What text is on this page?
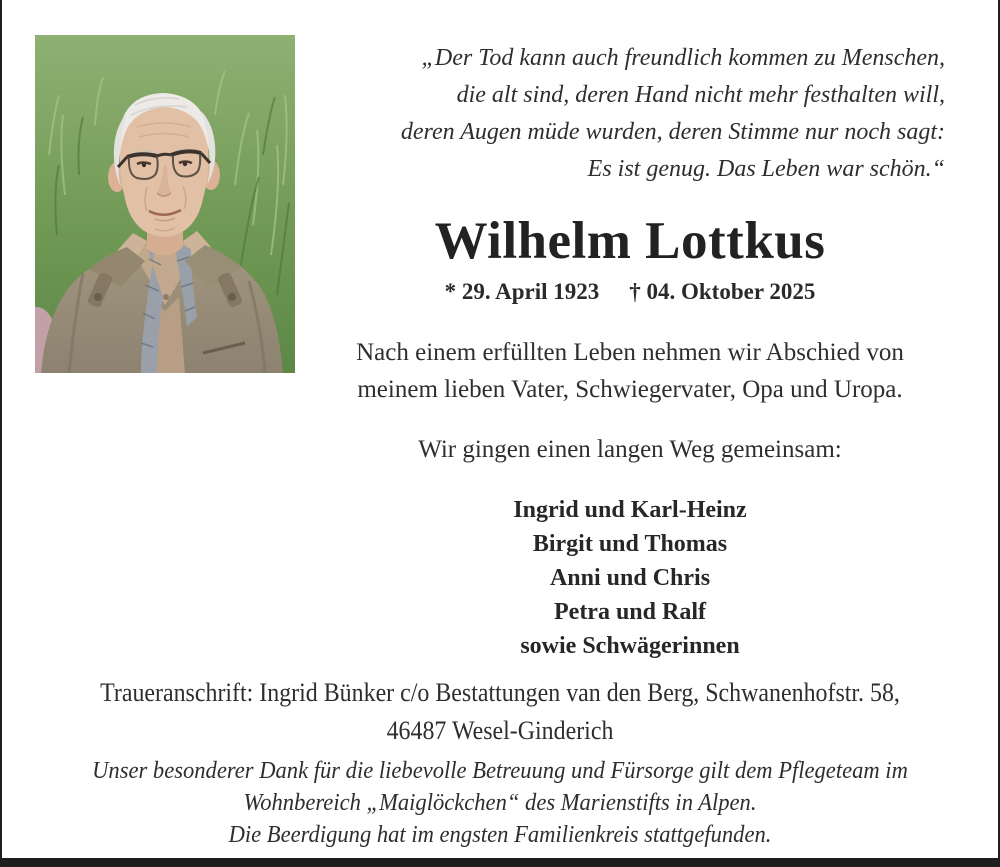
„Der Tod kann auch freundlich kommen zu Menschen,
die alt sind, deren Hand nicht mehr festhalten will,
deren Augen müde wurden, deren Stimme nur noch sagt:
Es ist genug. Das Leben war schön.“
Wilhelm Lottkus
* 29. April 1923 † 04. Oktober 2025
Nach einem erfüllten Leben nehmen wir Abschied von
meinem lieben Vater, Schwiegervater, Opa und Uropa.
Wir gingen einen langen Weg gemeinsam:
Ingrid und Karl-Heinz
Birgit und Thomas
Anni und Chris
Petra und Ralf
sowie Schwägerinnen
Traueranschrift: Ingrid Bünker c/o Bestattungen van den Berg, Schwanenhofstr. 58,
46487 Wesel-Ginderich
Unser besonderer Dank für die liebevolle Betreuung und Fürsorge gilt dem Pflegeteam im
Wohnbereich „Maiglöckchen“ des Marienstifts in Alpen.
Die Beerdigung hat im engsten Familienkreis stattgefunden.
